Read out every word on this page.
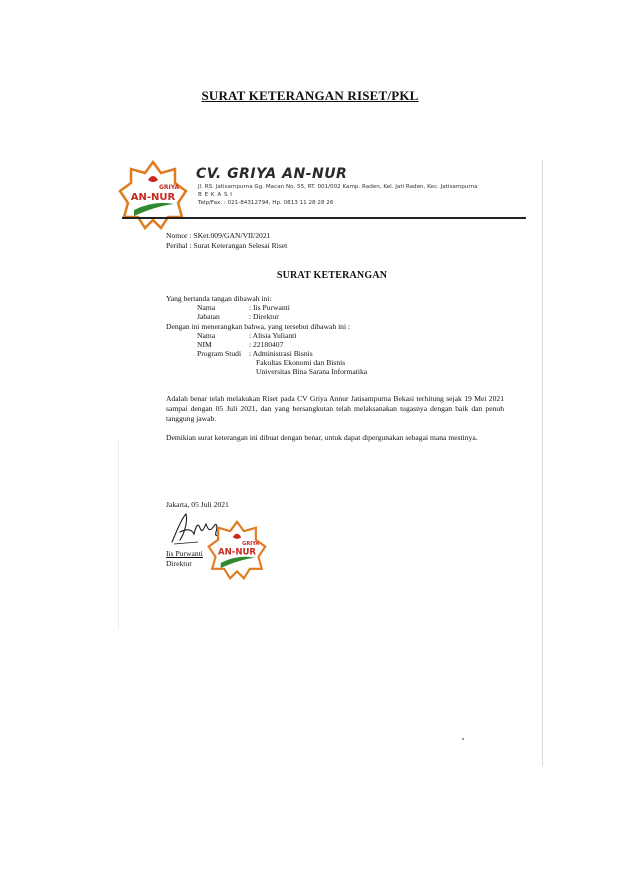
SURAT KETERANGAN RISET/PKL
GRIYA
AN-NUR
CV. GRIYA AN-NUR
Jl. RS. Jatisampurna Gg. Macan No. 55, RT. 001/002 Kamp. Raden, Kel. Jati Raden, Kec. Jatisampurna
B E K A S I
Telp/Fax. : 021-84312794, Hp. 0813 11 28 28 26
Nomor : SKet.009/GAN/VII/2021
Perihal : Surat Keterangan Selesai Riset
SURAT KETERANGAN
Yang bertanda tangan dibawah ini:
Nama	: Iis Purwanti
Jabatan	: Direktur
Dengan ini menerangkan bahwa, yang tersebut dibawah ini :
Nama	: Alisia Yulianti
NIM	: 22180407
Program Studi : Administrasi Bisnis
Fakultas Ekonomi dan Bisnis
Universitas Bina Sarana Informatika
Adalah benar telah melakukan Riset pada CV Griya Annur Jatisampurna Bekasi terhitung sejak 19 Mei 2021 sampai dengan 05 Juli 2021, dan yang bersangkutan telah melaksanakan tugasnya dengan baik dan penuh tanggung jawab.
Demikian surat keterangan ini dibuat dengan benar, untuk dapat dipergunakan sebagai mana mestinya.
Jakarta, 05 Juli 2021
Iis Purwanti
Direktur
GRIYA
AN-NUR
